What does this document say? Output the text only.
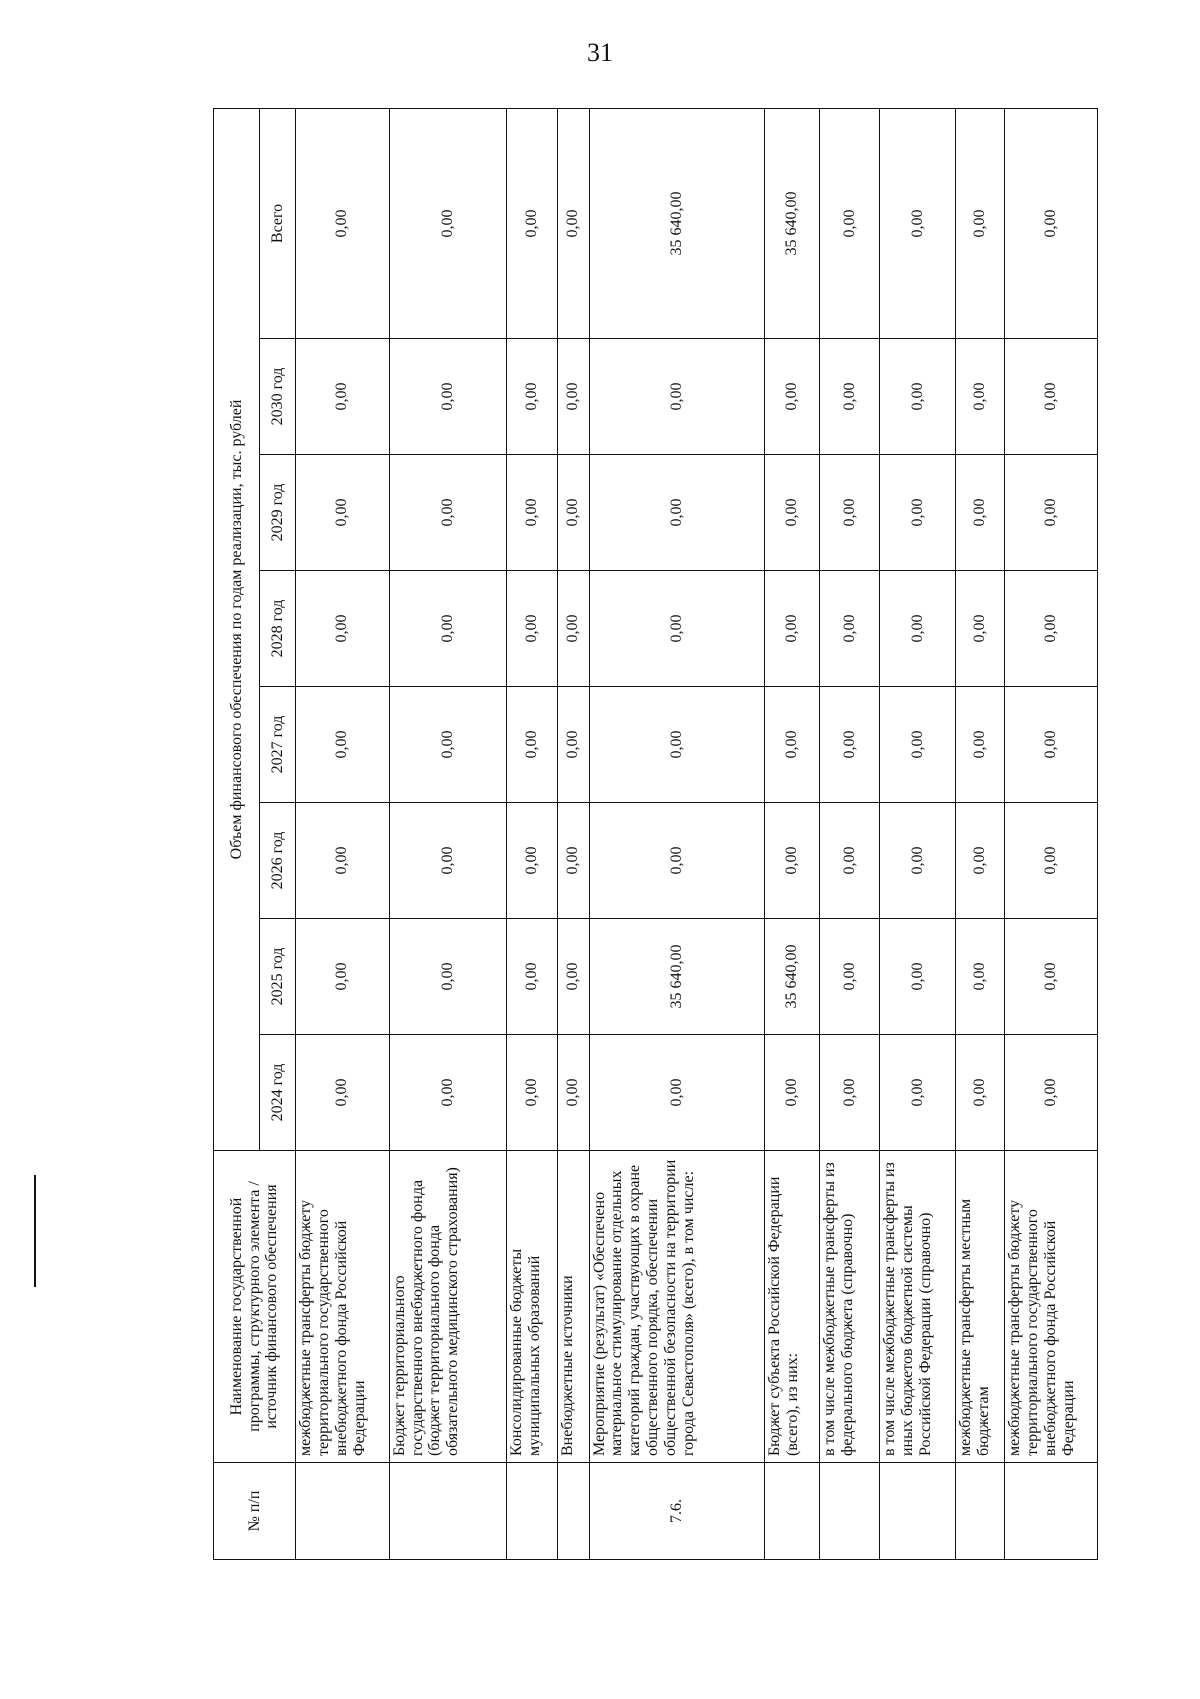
31
№ п/п	Наименование государственной программы, структурного элемента / источник финансового обеспечения	Объем финансового обеспечения по годам реализации, тыс. рублей							
		2024 год	2025 год	2026 год	2027 год	2028 год	2029 год	2030 год	Всего
	межбюджетные трансферты бюджету территориального государственного внебюджетного фонда Российской Федерации	0,00	0,00	0,00	0,00	0,00	0,00	0,00	0,00
	Бюджет территориального государственного внебюджетного фонда (бюджет территориального фонда обязательного медицинского страхования)	0,00	0,00	0,00	0,00	0,00	0,00	0,00	0,00
	Консолидированные бюджеты муниципальных образований	0,00	0,00	0,00	0,00	0,00	0,00	0,00	0,00
	Внебюджетные источники	0,00	0,00	0,00	0,00	0,00	0,00	0,00	0,00
7.6.	Мероприятие (результат) «Обеспечено материальное стимулирование отдельных категорий граждан, участвующих в охране общественного порядка, обеспечении общественной безопасности на территории города Севастополя» (всего), в том числе:	0,00	35 640,00	0,00	0,00	0,00	0,00	0,00	35 640,00
	Бюджет субъекта Российской Федерации (всего), из них:	0,00	35 640,00	0,00	0,00	0,00	0,00	0,00	35 640,00
	в том числе межбюджетные трансферты из федерального бюджета (справочно)	0,00	0,00	0,00	0,00	0,00	0,00	0,00	0,00
	в том числе межбюджетные трансферты из иных бюджетов бюджетной системы Российской Федерации (справочно)	0,00	0,00	0,00	0,00	0,00	0,00	0,00	0,00
	межбюджетные трансферты местным бюджетам	0,00	0,00	0,00	0,00	0,00	0,00	0,00	0,00
	межбюджетные трансферты бюджету территориального государственного внебюджетного фонда Российской Федерации	0,00	0,00	0,00	0,00	0,00	0,00	0,00	0,00
